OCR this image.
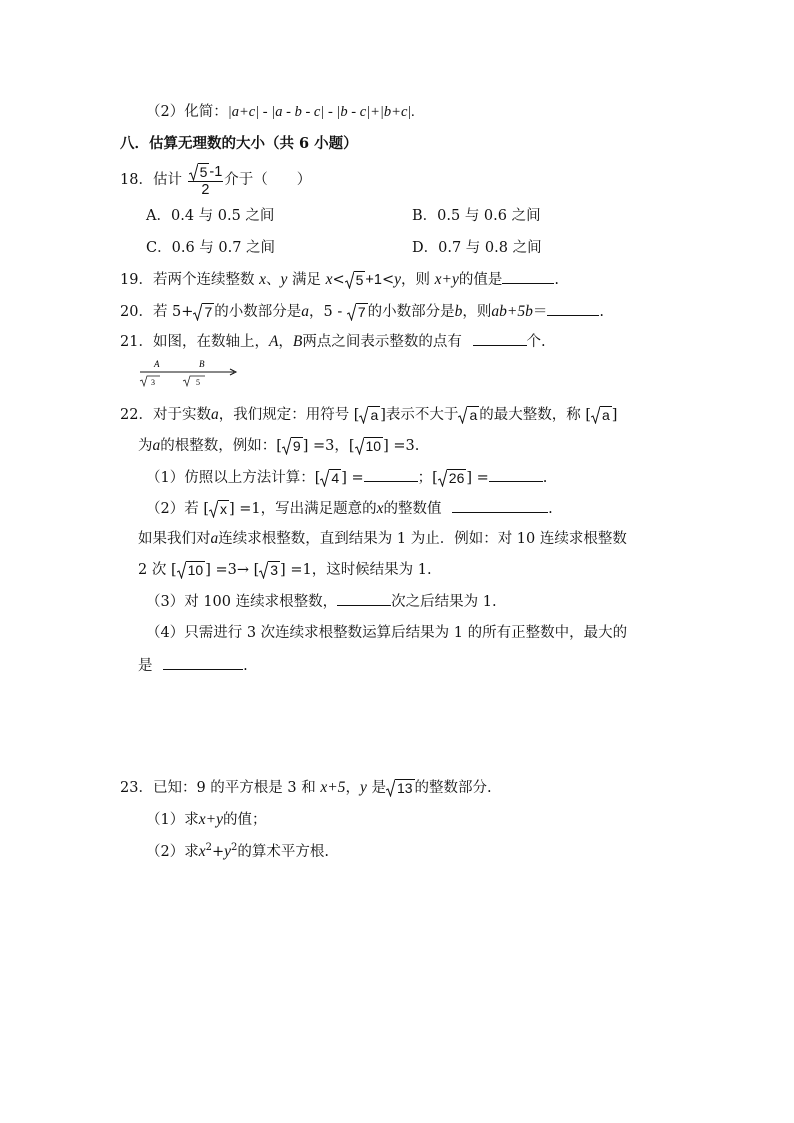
（2）化简：|a+c| - |a - b - c| - |b - c|+|b+c|.
八．估算无理数的大小（共 6 小题）
18．估计 $\frac{5 -1}{2}$ 介于（　　）
A．0.4 与 0.5 之间	B．0.5 与 0.6 之间
C．0.6 与 0.7 之间	D．0.7 与 0.8 之间
19．若两个连续整数 x、y 满足 x< 5 +1<y，则 x+y的值是	.
20．若 5+ 7 的小数部分是a，5 - 7 的小数部分是b，则ab+5b＝	.
21．如图，在数轴上，A，B两点之间表示整数的点有	个.
A	B
3	5
22．对于实数a，我们规定：用符号 [ a ]表示不大于 a 的最大整数，称 [ a ]
为a的根整数，例如：[ 9 ] =3，[ 10 ] =3.
（1）仿照以上方法计算：[ 4 ] =	；[ 26 ] =	.
（2）若 [ x ] =1，写出满足题意的x的整数值	.
如果我们对a连续求根整数，直到结果为 1 为止．例如：对 10 连续求根整数
2 次 [ 10 ] =3→ [ 3 ] =1，这时候结果为 1.
（3）对 100 连续求根整数，	次之后结果为 1.
（4）只需进行 3 次连续求根整数运算后结果为 1 的所有正整数中，最大的
是	.
23．已知：9 的平方根是 3 和 x+5，y 是 13 的整数部分.
（1）求x+y的值；
（2）求$x^2+y^2$的算术平方根.
